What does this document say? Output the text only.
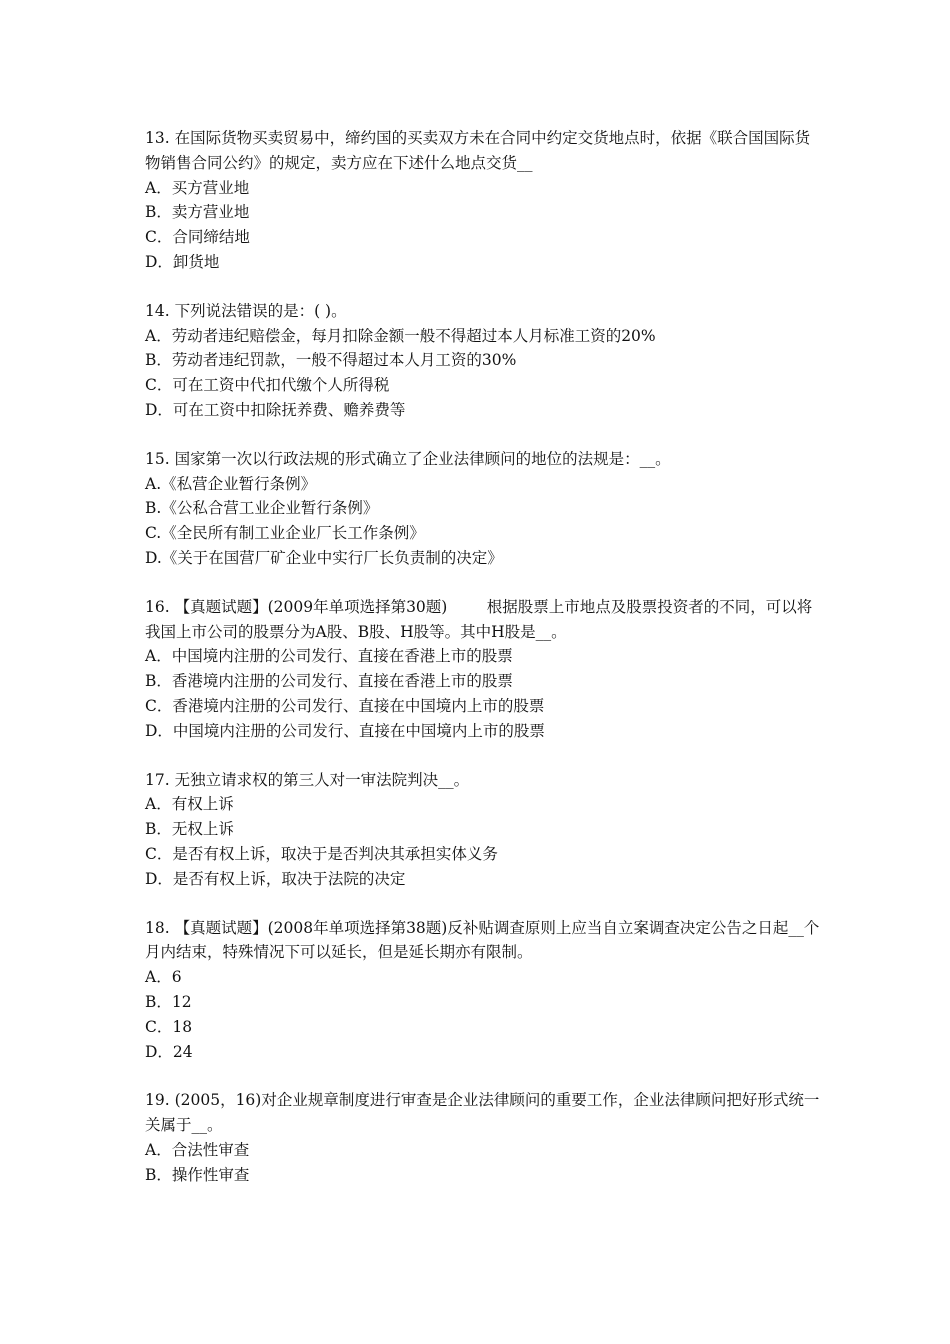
13. 在国际货物买卖贸易中，缔约国的买卖双方未在合同中约定交货地点时，依据《联合国国际货物销售合同公约》的规定，卖方应在下述什么地点交货__

A．买方营业地

B．卖方营业地

C．合同缔结地

D．卸货地

14. 下列说法错误的是：( )。

A．劳动者违纪赔偿金，每月扣除金额一般不得超过本人月标准工资的20%

B．劳动者违纪罚款，一般不得超过本人月工资的30%

C．可在工资中代扣代缴个人所得税

D．可在工资中扣除抚养费、赡养费等

15. 国家第一次以行政法规的形式确立了企业法律顾问的地位的法规是：__。

A.《私营企业暂行条例》

B.《公私合营工业企业暂行条例》

C.《全民所有制工业企业厂长工作条例》

D.《关于在国营厂矿企业中实行厂长负责制的决定》

16. 【真题试题】(2009年单项选择第30题)        根据股票上市地点及股票投资者的不同，可以将我国上市公司的股票分为A股、B股、H股等。其中H股是__。

A．中国境内注册的公司发行、直接在香港上市的股票

B．香港境内注册的公司发行、直接在香港上市的股票

C．香港境内注册的公司发行、直接在中国境内上市的股票

D．中国境内注册的公司发行、直接在中国境内上市的股票

17. 无独立请求权的第三人对一审法院判决__。

A．有权上诉

B．无权上诉

C．是否有权上诉，取决于是否判决其承担实体义务

D．是否有权上诉，取决于法院的决定

18. 【真题试题】(2008年单项选择第38题)反补贴调查原则上应当自立案调查决定公告之日起__个月内结束，特殊情况下可以延长，但是延长期亦有限制。

A．6

B．12

C．18

D．24

19. (2005，16)对企业规章制度进行审查是企业法律顾问的重要工作，企业法律顾问把好形式统一关属于__。

A．合法性审查

B．操作性审查
